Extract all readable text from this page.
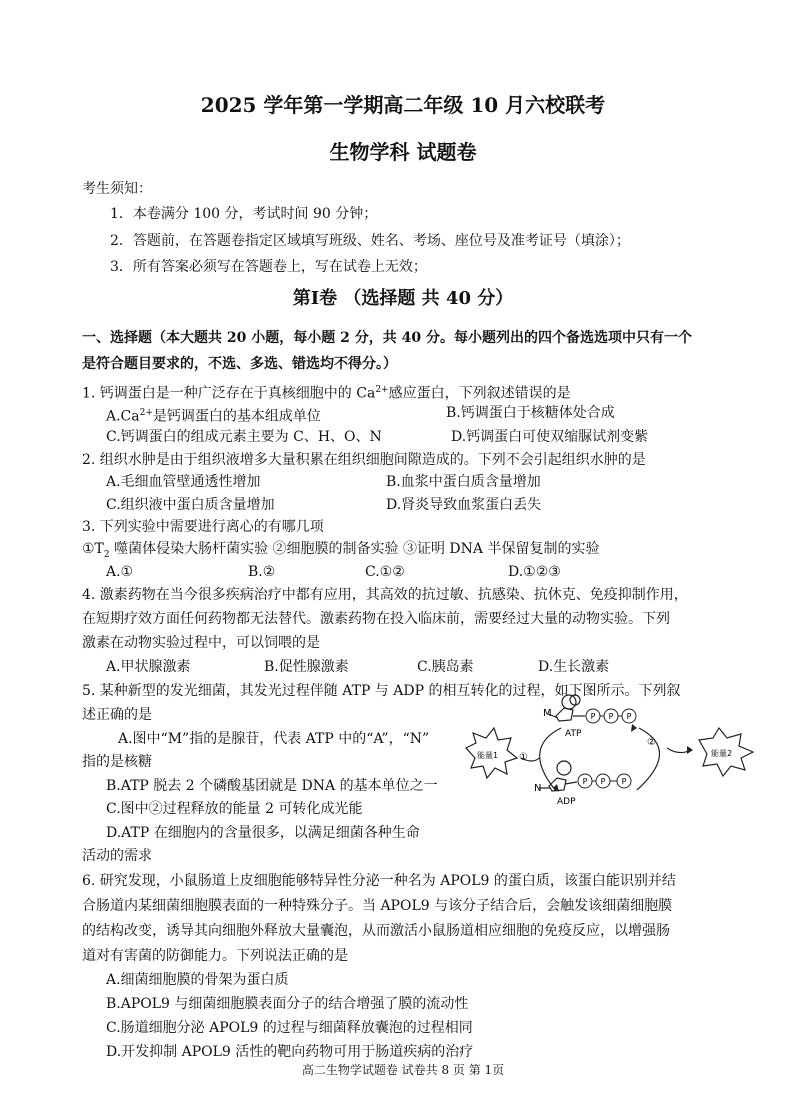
2025 学年第一学期高二年级 10 月六校联考
生物学科 试题卷
考生须知：
1．本卷满分 100 分，考试时间 90 分钟；
2．答题前，在答题卷指定区域填写班级、姓名、考场、座位号及准考证号（填涂）；
3．所有答案必须写在答题卷上，写在试卷上无效；
第Ⅰ卷 （选择题 共 40 分）
一、选择题（本大题共 20 小题，每小题 2 分，共 40 分。每小题列出的四个备选选项中只有一个
是符合题目要求的，不选、多选、错选均不得分。）
1. 钙调蛋白是一种广泛存在于真核细胞中的 $Ca^{2+}$感应蛋白，下列叙述错误的是
$A.Ca^{2+}$是钙调蛋白的基本组成单位	B.钙调蛋白于核糖体处合成
C.钙调蛋白的组成元素主要为 C、H、O、N	D.钙调蛋白可使双缩脲试剂变紫
2. 组织水肿是由于组织液增多大量积累在组织细胞间隙造成的。下列不会引起组织水肿的是
A.毛细血管壁通透性增加	B.血浆中蛋白质含量增加
C.组织液中蛋白质含量增加	D.肾炎导致血浆蛋白丢失
3. 下列实验中需要进行离心的有哪几项
$①T_2$ 噬菌体侵染大肠杆菌实验 ②细胞膜的制备实验 ③证明 DNA 半保留复制的实验
A.①	B.②	C.①②	D.①②③
4. 激素药物在当今很多疾病治疗中都有应用，其高效的抗过敏、抗感染、抗休克、免疫抑制作用，
在短期疗效方面任何药物都无法替代。激素药物在投入临床前，需要经过大量的动物实验。下列
激素在动物实验过程中，可以饲喂的是
A.甲状腺激素	B.促性腺激素	C.胰岛素	D.生长激素
5. 某种新型的发光细菌，其发光过程伴随 ATP 与 ADP 的相互转化的过程，如下图所示。下列叙
述正确的是
A.图中“M”指的是腺苷，代表 ATP 中的“A”，“N”
指的是核糖
B.ATP 脱去 2 个磷酸基团就是 DNA 的基本单位之一
C.图中②过程释放的能量 2 可转化成光能
D.ATP 在细胞内的含量很多，以满足细菌各种生命
活动的需求
P P P
P P P
M
N
ATP
ADP
①
②
能量1	能量2
6. 研究发现，小鼠肠道上皮细胞能够特异性分泌一种名为 APOL9 的蛋白质，该蛋白能识别并结
合肠道内某细菌细胞膜表面的一种特殊分子。当 APOL9 与该分子结合后，会触发该细菌细胞膜
的结构改变，诱导其向细胞外释放大量囊泡，从而激活小鼠肠道相应细胞的免疫反应，以增强肠
道对有害菌的防御能力。下列说法正确的是
A.细菌细胞膜的骨架为蛋白质
B.APOL9 与细菌细胞膜表面分子的结合增强了膜的流动性
C.肠道细胞分泌 APOL9 的过程与细菌释放囊泡的过程相同
D.开发抑制 APOL9 活性的靶向药物可用于肠道疾病的治疗
高二生物学试题卷 试卷共 8 页 第 1页
